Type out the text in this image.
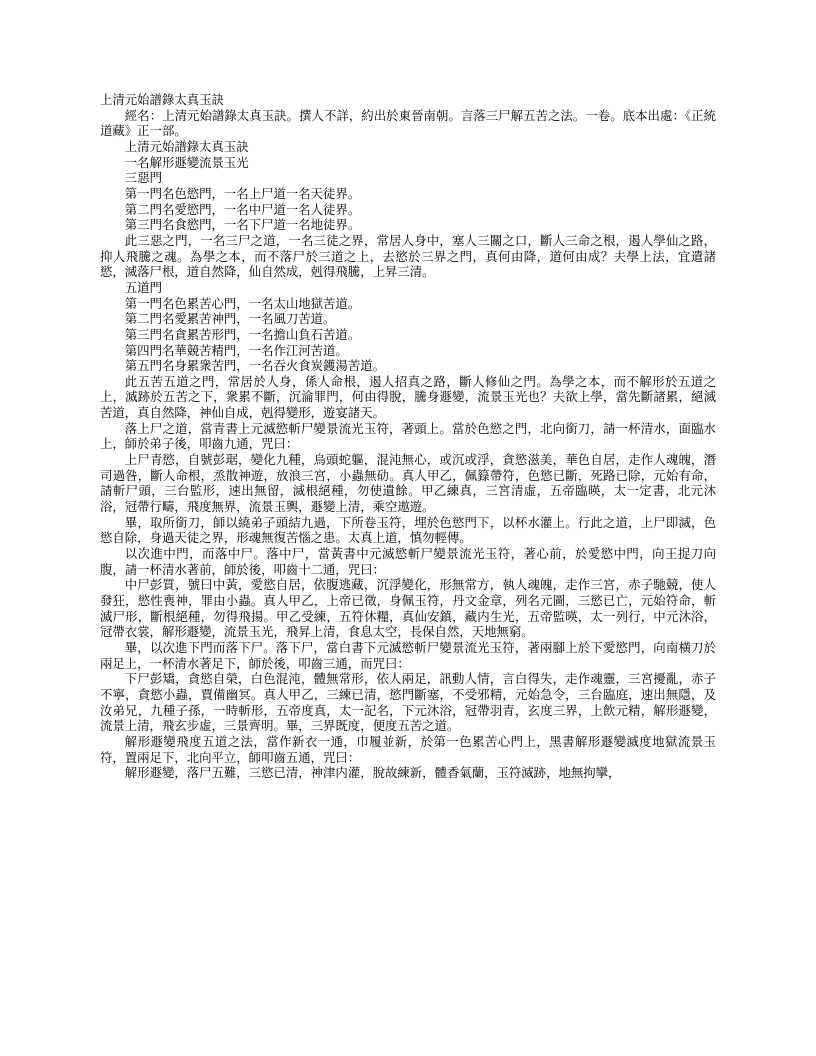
上清元始譜錄太真玉訣

經名：上清元始譜錄太真玉訣。撰人不詳，約出於東晉南朝。言落三尸解五苦之法。一卷。底本出處：《正統道藏》正一部。

上清元始譜錄太真玉訣

一名解形遯變流景玉光

三惡門

第一門名色慾門，一名上尸道一名天徒界。

第二門名愛慾門，一名中尸道一名人徒界。

第三門名食慾門，一名下尸道一名地徒界。

此三惡之門，一名三尸之道，一名三徒之界，常居人身中，塞人三關之口，斷人三命之根，遏人學仙之路，抑人飛騰之魂。為學之本，而不落尸於三道之上，去慾於三界之門，真何由降，道何由成？夫學上法，宜遣諸慾，滅落尸根，道自然降，仙自然成，剋得飛騰，上昇三清。

五道門

第一門名色累苦心門，一名太山地獄苦道。

第二門名愛累苦神門，一名風刀苦道。

第三門名貪累苦形門，一名擔山負石苦道。

第四門名華競苦精門，一名作江河苦道。

第五門名身累衆苦門，一名吞火食炭鑊湯苦道。

此五苦五道之門，常居於人身，係人命根，遏人招真之路，斷人修仙之門。為學之本，而不解形於五道之上，滅跡於五苦之下，衆累不斷，沉淪罪門，何由得脫，騰身遯變，流景玉光也？夫欲上學，當先斷諸累，絕滅苦道，真自然降，神仙自成，剋得變形，遊宴諸天。

落上尸之道，當青書上元滅慾斬尸變景流光玉符，著頭上。當於色慾之門，北向銜刀，請一杯清水，面臨水上，師於弟子後，叩齒九通，咒曰：

上尸青慾，自號彭琚，變化九種，烏頭蛇軀，混沌無心，或沉或浮，貪慾滋美，華色自居，走作人魂魄，潛司過咎，斷人命根，烝散神遊，放浪三宮，小蟲無劯。真人甲乙，佩籙帶符，色慾已斷，死路已除，元始有命，請斬尸頭，三台監形，速出無留，滅根絕種，勿使遺餘。甲乙練真，三宮清虛，五帝臨暎，太一定書，北元沐浴，冠帶行疇，飛度無界，流景玉輿，遯變上清，乘空遨遊。

畢，取所銜刀，師以繞弟子頭結九過，下所卷玉符，埋於色慾門下，以杯水灌上。行此之道，上尸即滅，色慾自除，身過天徒之界，形魂無復苦惱之患。太真上道，慎勿輕傳。

以次進中門，而落中尸。落中尸，當黃書中元滅慾斬尸變景流光玉符，著心前，於愛慾中門，向王捉刀向腹，請一杯清水著前，師於後，叩齒十二通，咒曰：

中尸彭質，號曰中黃，愛慾自居，依腹逃藏，沉浮變化，形無常方，執人魂魄，走作三宮，赤子馳競，使人發狂，慾性喪神，罪由小蟲。真人甲乙，上帝已徵，身佩玉符，丹文金章，列名元圖，三慾已亡，元始符命，斬滅尸形，斷根絕種，勿得飛揚。甲乙受練，五符休糧，真仙安鎮，藏内生光，五帝監暎，太一列行，中元沐浴，冠帶衣裳，解形遯變，流景玉光，飛昇上清，食息太空，長保自然，天地無窮。

畢，以次進下門而落下尸。落下尸，當白書下元滅慾斬尸變景流光玉符，著兩腳上於下愛慾門，向南橫刀於兩足上，一杯清水著足下，師於後，叩齒三通，而咒曰：

下尸彭矯，貪慾自榮，白色混沌，體無常形，依人兩足，訊動人情，言白得失，走作魂靈，三宮擾亂，赤子不寧，貪慾小蟲，賈備幽冥。真人甲乙，三練已清，慾門斷塞，不受邪精，元始急令，三台臨庭，速出無隱，及汝弟兄，九種子孫，一時斬形，五帝度真，太一記名，下元沐浴，冠帶羽青，玄度三界，上飲元精，解形遯變，流景上清，飛玄步虛，三景齊明。畢，三界既度，便度五苦之道。

解形遯變飛度五道之法，當作新衣一通，巾履並新，於第一色累苦心門上，黑書解形遯變滅度地獄流景玉符，置兩足下，北向平立，師叩齒五通，咒曰：

解形遯變，落尸五難，三慾已清，神津内灌，脫故練新，體香氣蘭，玉符滅跡，地無拘攣，
